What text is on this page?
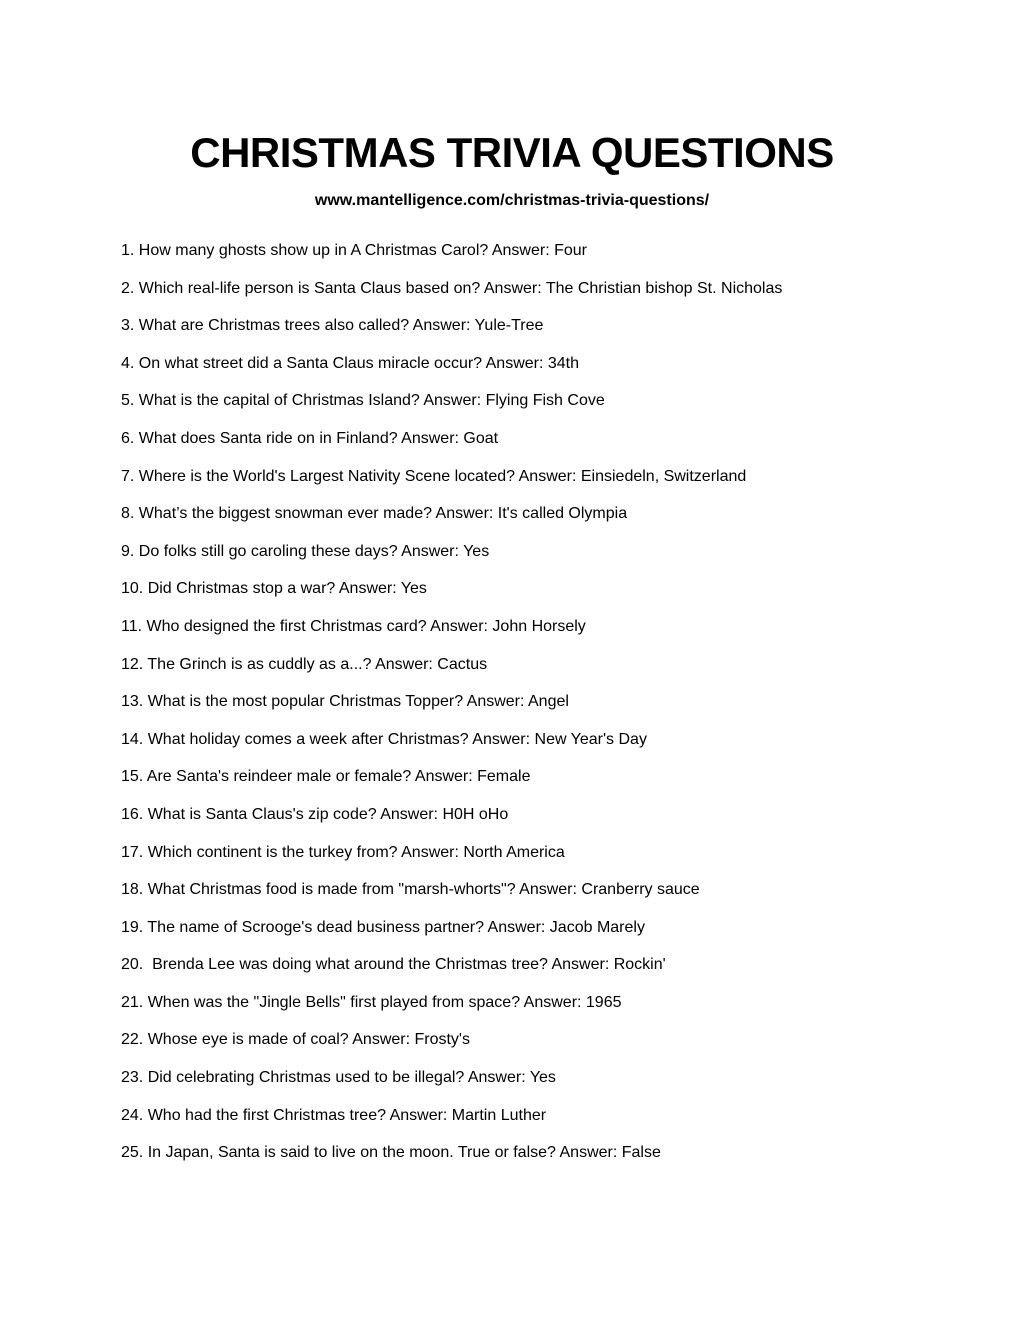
CHRISTMAS TRIVIA QUESTIONS
www.mantelligence.com/christmas-trivia-questions/
1. How many ghosts show up in A Christmas Carol? Answer: Four
2. Which real-life person is Santa Claus based on? Answer: The Christian bishop St. Nicholas
3. What are Christmas trees also called? Answer: Yule-Tree
4. On what street did a Santa Claus miracle occur? Answer: 34th
5. What is the capital of Christmas Island? Answer: Flying Fish Cove
6. What does Santa ride on in Finland? Answer: Goat
7. Where is the World's Largest Nativity Scene located? Answer: Einsiedeln, Switzerland
8. What’s the biggest snowman ever made? Answer: It's called Olympia
9. Do folks still go caroling these days? Answer: Yes
10. Did Christmas stop a war? Answer: Yes
11. Who designed the first Christmas card? Answer: John Horsely
12. The Grinch is as cuddly as a...? Answer: Cactus
13. What is the most popular Christmas Topper? Answer: Angel
14. What holiday comes a week after Christmas? Answer: New Year's Day
15. Are Santa's reindeer male or female? Answer: Female
16. What is Santa Claus's zip code? Answer: H0H oHo
17. Which continent is the turkey from? Answer: North America
18. What Christmas food is made from "marsh-whorts"? Answer: Cranberry sauce
19. The name of Scrooge's dead business partner? Answer: Jacob Marely
20.  Brenda Lee was doing what around the Christmas tree? Answer: Rockin'
21. When was the "Jingle Bells" first played from space? Answer: 1965
22. Whose eye is made of coal? Answer: Frosty's
23. Did celebrating Christmas used to be illegal? Answer: Yes
24. Who had the first Christmas tree? Answer: Martin Luther
25. In Japan, Santa is said to live on the moon. True or false? Answer: False
